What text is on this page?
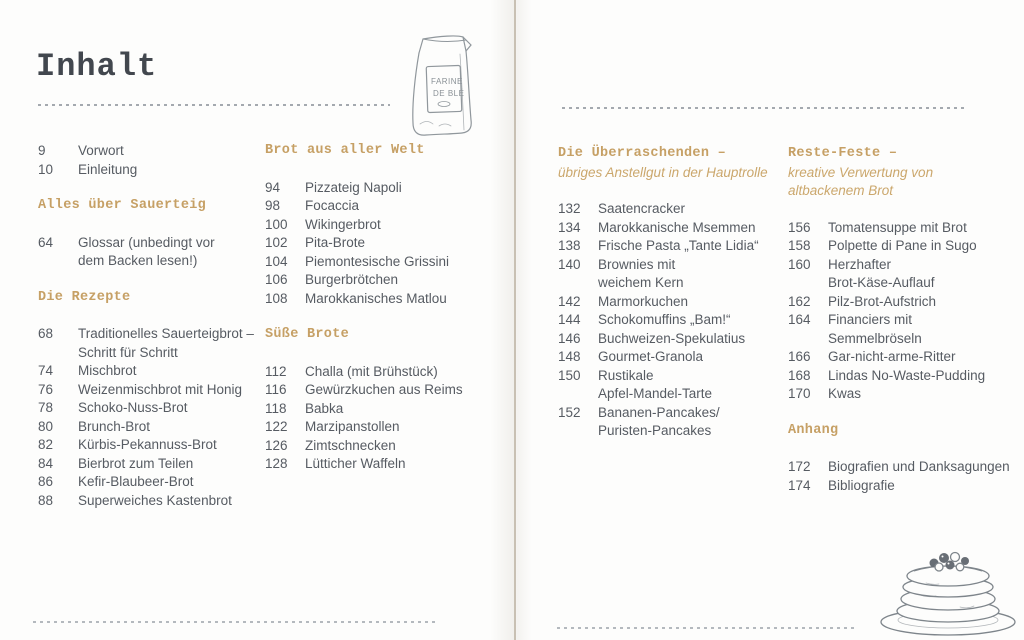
Inhalt
9	Vorwort
10	Einleitung
Alles über Sauerteig
64	Glossar (unbedingt vor
dem Backen lesen!)
Die Rezepte
68	Traditionelles Sauerteigbrot –
Schritt für Schritt
74	Mischbrot
76	Weizenmischbrot mit Honig
78	Schoko-Nuss-Brot
80	Brunch-Brot
82	Kürbis-Pekannuss-Brot
84	Bierbrot zum Teilen
86	Kefir-Blaubeer-Brot
88	Superweiches Kastenbrot
Brot aus aller Welt
94	Pizzateig Napoli
98	Focaccia
100	Wikingerbrot
102	Pita-Brote
104	Piemontesische Grissini
106	Burgerbrötchen
108	Marokkanisches Matlou
Süße Brote
112	Challa (mit Brühstück)
116	Gewürzkuchen aus Reims
118	Babka
122	Marzipanstollen
126	Zimtschnecken
128	Lütticher Waffeln
Die Überraschenden –
übriges Anstellgut in der Hauptrolle
132	Saatencracker
134	Marokkanische Msemmen
138	Frische Pasta „Tante Lidia“
140	Brownies mit
weichem Kern
142	Marmorkuchen
144	Schokomuffins „Bam!“
146	Buchweizen-Spekulatius
148	Gourmet-Granola
150	Rustikale
Apfel-Mandel-Tarte
152	Bananen-Pancakes/
Puristen-Pancakes
Reste-Feste –
kreative Verwertung von
altbackenem Brot
156	Tomatensuppe mit Brot
158	Polpette di Pane in Sugo
160	Herzhafter
Brot-Käse-Auflauf
162	Pilz-Brot-Aufstrich
164	Financiers mit
Semmelbröseln
166	Gar-nicht-arme-Ritter
168	Lindas No-Waste-Pudding
170	Kwas
Anhang
172	Biografien und Danksagungen
174	Bibliografie
FARINE
DE BLÉ
